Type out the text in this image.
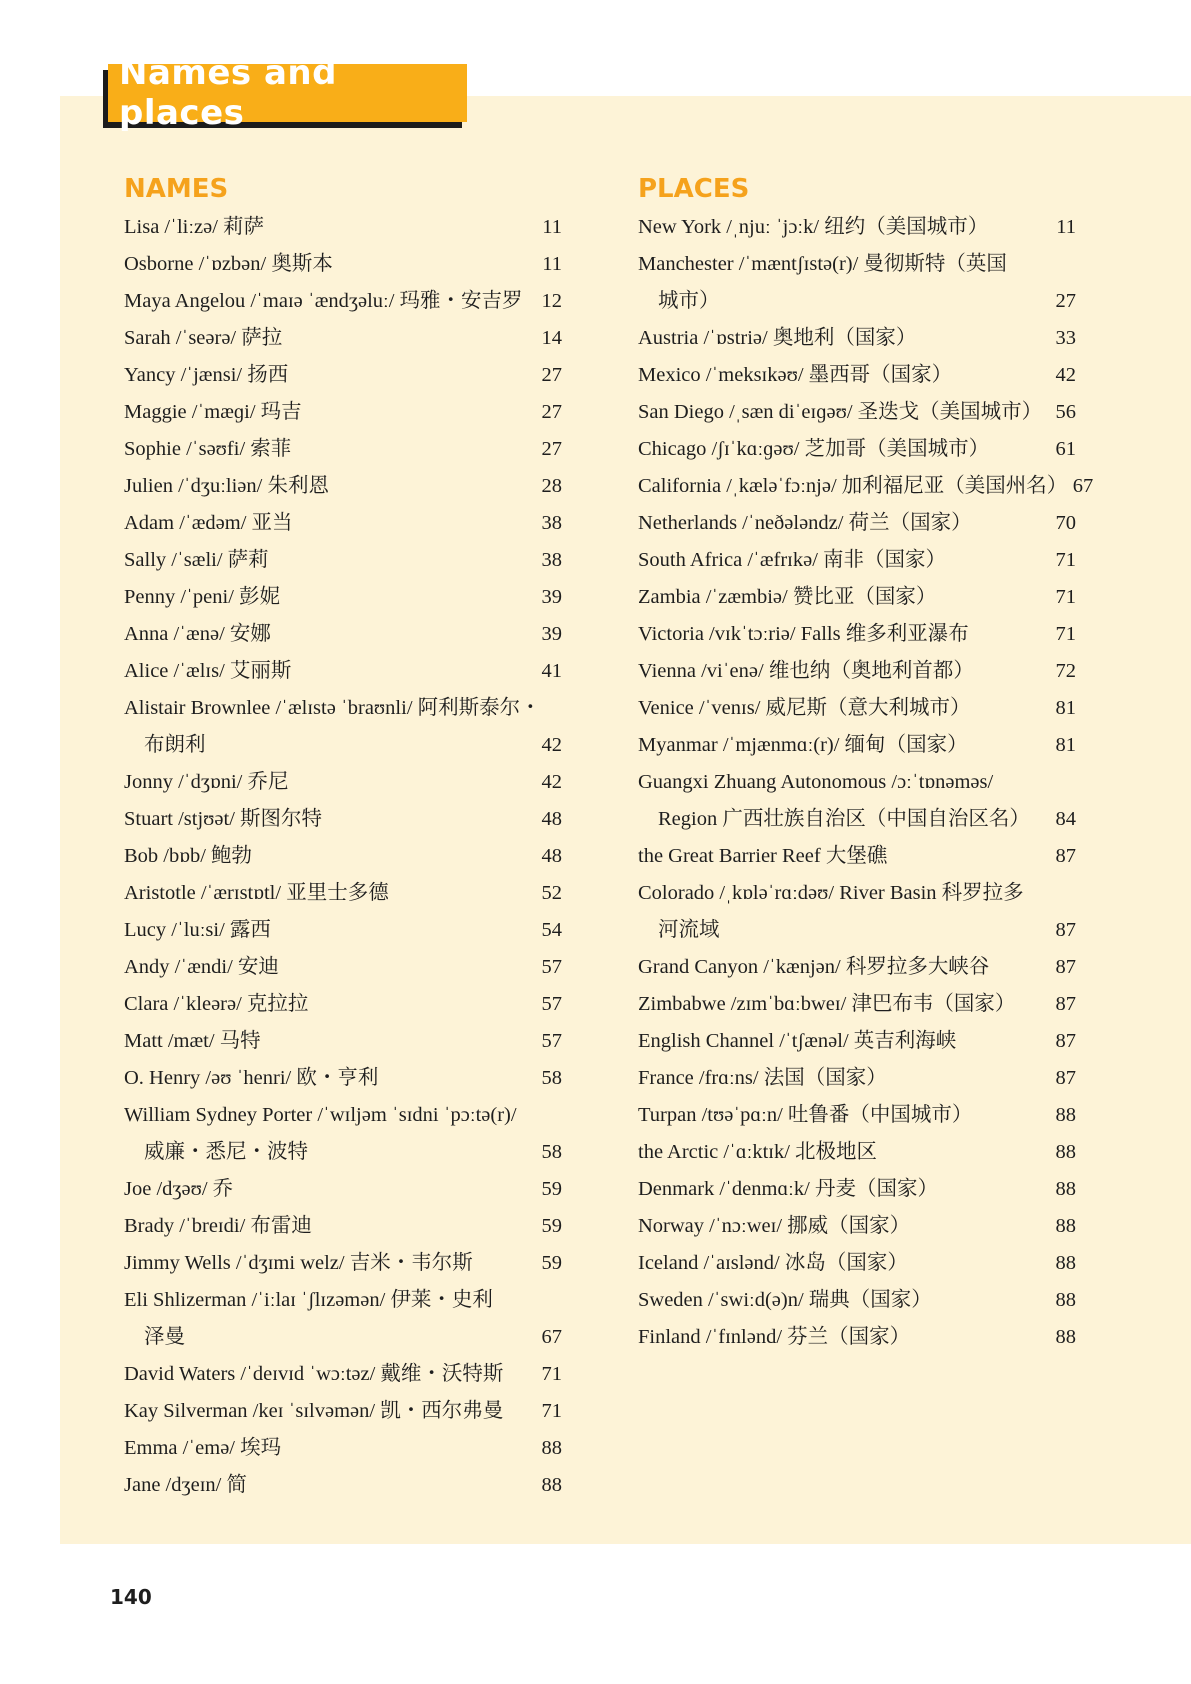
Names and places
NAMES
Lisa /ˈliːzə/ 莉萨	11
Osborne /ˈɒzbən/ 奥斯本	11
Maya Angelou /ˈmaɪə ˈændʒəluː/ 玛雅・安吉罗 12
Sarah /ˈseərə/ 萨拉	14
Yancy /ˈjænsi/ 扬西	27
Maggie /ˈmæɡi/ 玛吉	27
Sophie /ˈsəʊfi/ 索菲	27
Julien /ˈdʒuːliən/ 朱利恩	28
Adam /ˈædəm/ 亚当	38
Sally /ˈsæli/ 萨莉	38
Penny /ˈpeni/ 彭妮	39
Anna /ˈænə/ 安娜	39
Alice /ˈælɪs/ 艾丽斯	41
Alistair Brownlee /ˈælɪstə ˈbraʊnli/ 阿利斯泰尔・
布朗利	42
Jonny /ˈdʒɒni/ 乔尼	42
Stuart /stjʊət/ 斯图尔特	48
Bob /bɒb/ 鲍勃	48
Aristotle /ˈærɪstɒtl/ 亚里士多德	52
Lucy /ˈluːsi/ 露西	54
Andy /ˈændi/ 安迪	57
Clara /ˈkleərə/ 克拉拉	57
Matt /mæt/ 马特	57
O. Henry /əʊ ˈhenri/ 欧・亨利	58
William Sydney Porter /ˈwɪljəm ˈsɪdni ˈpɔːtə(r)/
威廉・悉尼・波特	58
Joe /dʒəʊ/ 乔	59
Brady /ˈbreɪdi/ 布雷迪	59
Jimmy Wells /ˈdʒɪmi welz/ 吉米・韦尔斯	59
Eli Shlizerman /ˈiːlaɪ ˈʃlɪzəmən/ 伊莱・史利
泽曼	67
David Waters /ˈdeɪvɪd ˈwɔːtəz/ 戴维・沃特斯 71
Kay Silverman /keɪ ˈsɪlvəmən/ 凯・西尔弗曼 71
Emma /ˈemə/ 埃玛	88
Jane /dʒeɪn/ 简	88
PLACES
New York /ˌnjuː ˈjɔːk/ 纽约（美国城市）	11
Manchester /ˈmæntʃɪstə(r)/ 曼彻斯特（英国
城市）	27
Austria /ˈɒstriə/ 奥地利（国家）	33
Mexico /ˈmeksɪkəʊ/ 墨西哥（国家）	42
San Diego /ˌsæn diˈeɪɡəʊ/ 圣迭戈（美国城市） 56
Chicago /ʃɪˈkɑːɡəʊ/ 芝加哥（美国城市）	61
California /ˌkæləˈfɔːnjə/ 加利福尼亚（美国州名） 67
Netherlands /ˈneðələndz/ 荷兰（国家）	70
South Africa /ˈæfrɪkə/ 南非（国家）	71
Zambia /ˈzæmbiə/ 赞比亚（国家）	71
Victoria /vɪkˈtɔːriə/ Falls 维多利亚瀑布	71
Vienna /viˈenə/ 维也纳（奥地利首都）	72
Venice /ˈvenɪs/ 威尼斯（意大利城市）	81
Myanmar /ˈmjænmɑː(r)/ 缅甸（国家）	81
Guangxi Zhuang Autonomous /ɔːˈtɒnəməs/
Region 广西壮族自治区（中国自治区名） 84
the Great Barrier Reef 大堡礁	87
Colorado /ˌkɒləˈrɑːdəʊ/ River Basin 科罗拉多
河流域	87
Grand Canyon /ˈkænjən/ 科罗拉多大峡谷	87
Zimbabwe /zɪmˈbɑːbweɪ/ 津巴布韦（国家） 87
English Channel /ˈtʃænəl/ 英吉利海峡	87
France /frɑːns/ 法国（国家）	87
Turpan /tʊəˈpɑːn/ 吐鲁番（中国城市）	88
the Arctic /ˈɑːktɪk/ 北极地区	88
Denmark /ˈdenmɑːk/ 丹麦（国家）	88
Norway /ˈnɔːweɪ/ 挪威（国家）	88
Iceland /ˈaɪslənd/ 冰岛（国家）	88
Sweden /ˈswiːd(ə)n/ 瑞典（国家）	88
Finland /ˈfɪnlənd/ 芬兰（国家）	88
140
